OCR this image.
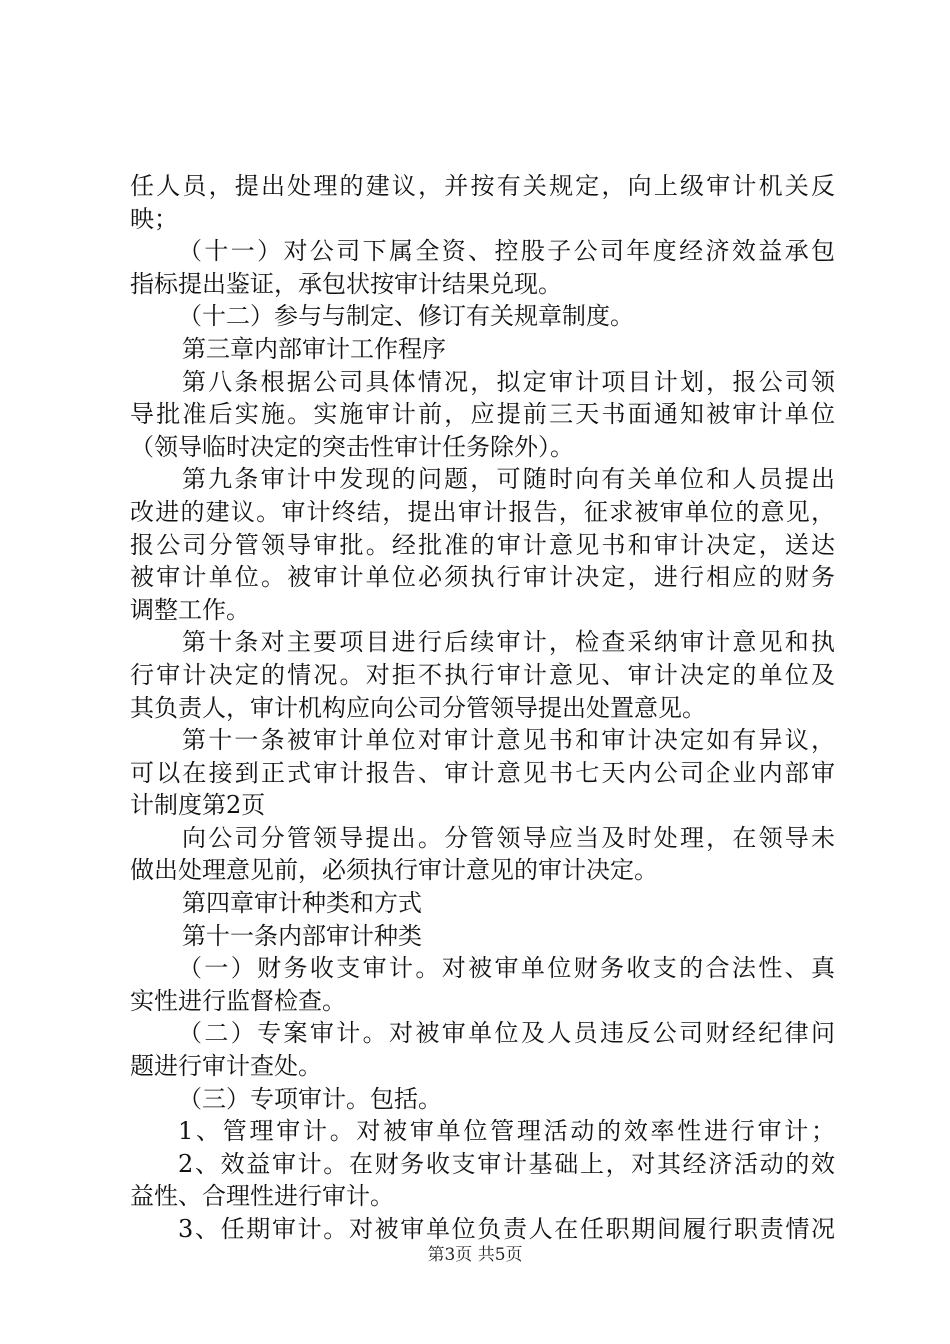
任人员，提出处理的建议，并按有关规定，向上级审计机关反
映；
（十一）对公司下属全资、控股子公司年度经济效益承包
指标提出鉴证，承包状按审计结果兑现。
（十二）参与与制定、修订有关规章制度。
第三章内部审计工作程序
第八条根据公司具体情况，拟定审计项目计划，报公司领
导批准后实施。实施审计前，应提前三天书面通知被审计单位
（领导临时决定的突击性审计任务除外）。
第九条审计中发现的问题，可随时向有关单位和人员提出
改进的建议。审计终结，提出审计报告，征求被审单位的意见，
报公司分管领导审批。经批准的审计意见书和审计决定，送达
被审计单位。被审计单位必须执行审计决定，进行相应的财务
调整工作。
第十条对主要项目进行后续审计，检查采纳审计意见和执
行审计决定的情况。对拒不执行审计意见、审计决定的单位及
其负责人，审计机构应向公司分管领导提出处置意见。
第十一条被审计单位对审计意见书和审计决定如有异议，
可以在接到正式审计报告、审计意见书七天内公司企业内部审
计制度第2页
向公司分管领导提出。分管领导应当及时处理，在领导未
做出处理意见前，必须执行审计意见的审计决定。
第四章审计种类和方式
第十一条内部审计种类
（一）财务收支审计。对被审单位财务收支的合法性、真
实性进行监督检查。
（二）专案审计。对被审单位及人员违反公司财经纪律问
题进行审计查处。
（三）专项审计。包括。
1、管理审计。对被审单位管理活动的效率性进行审计；
2、效益审计。在财务收支审计基础上，对其经济活动的效
益性、合理性进行审计。
3、任期审计。对被审单位负责人在任职期间履行职责情况
第3页 共5页
